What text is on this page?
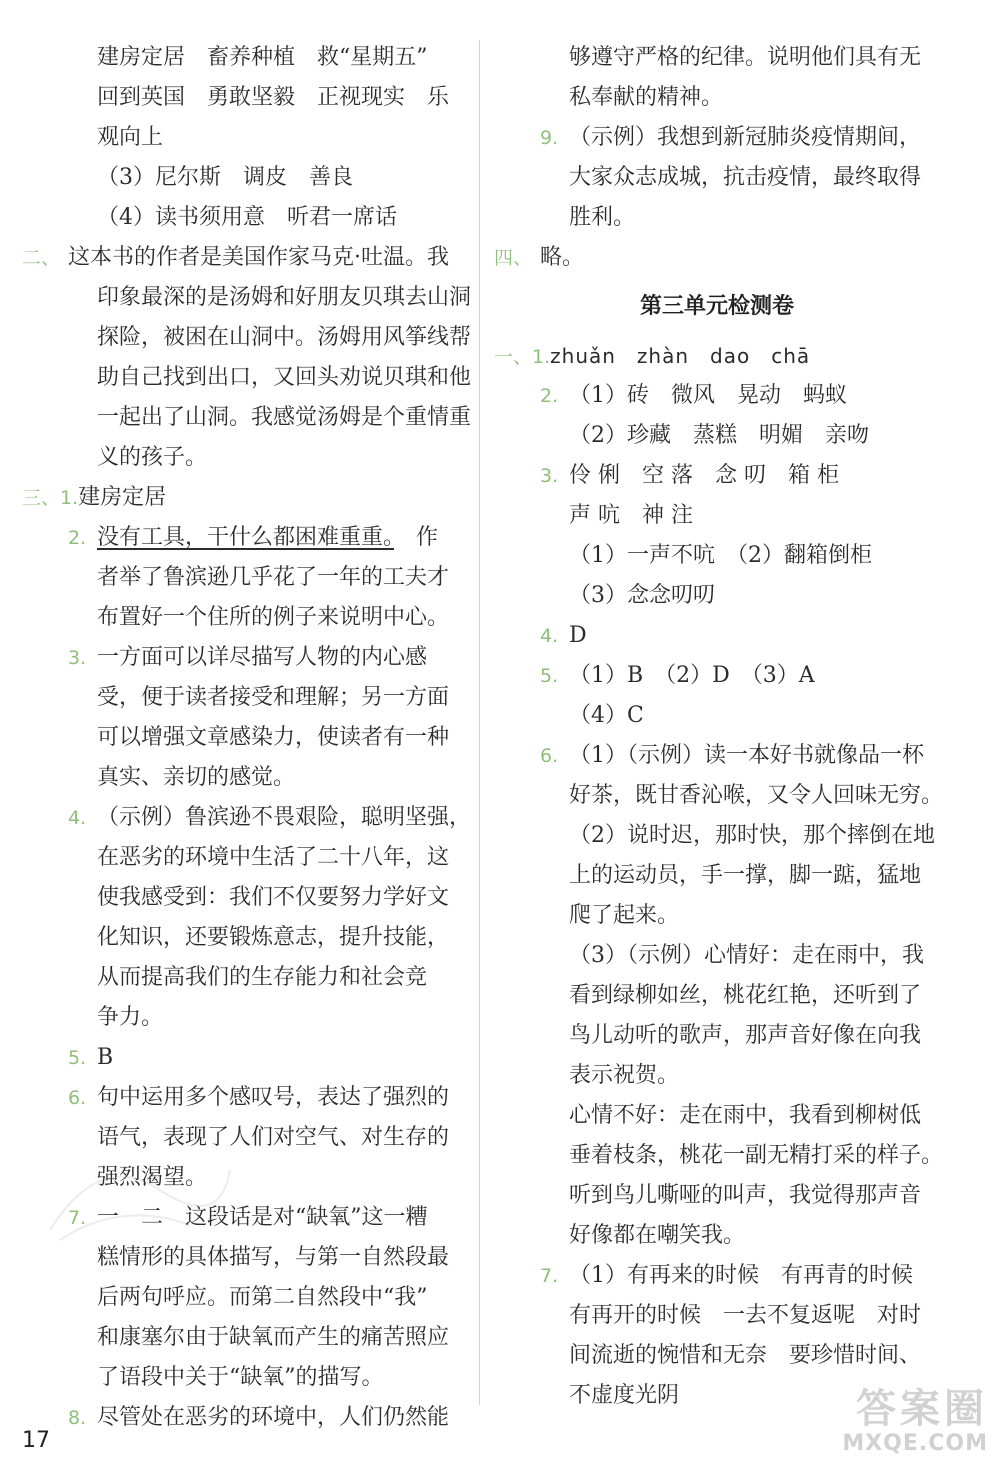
建房定居　畜养种植　救“星期五”
回到英国　勇敢坚毅　正视现实　乐
观向上
（3）尼尔斯　调皮　善良
（4）读书须用意　听君一席话
二、 这本书的作者是美国作家马克·吐温。我
印象最深的是汤姆和好朋友贝琪去山洞
探险，被困在山洞中。汤姆用风筝线帮
助自己找到出口，又回头劝说贝琪和他
一起出了山洞。我感觉汤姆是个重情重
义的孩子。
三、1.建房定居
2. 没有工具，干什么都困难重重。　作
者举了鲁滨逊几乎花了一年的工夫才
布置好一个住所的例子来说明中心。
3. 一方面可以详尽描写人物的内心感
受，便于读者接受和理解；另一方面
可以增强文章感染力，使读者有一种
真实、亲切的感觉。
4. （示例）鲁滨逊不畏艰险，聪明坚强，
在恶劣的环境中生活了二十八年，这
使我感受到：我们不仅要努力学好文
化知识，还要锻炼意志，提升技能，
从而提高我们的生存能力和社会竞
争力。
5. B
6. 句中运用多个感叹号，表达了强烈的
语气，表现了人们对空气、对生存的
强烈渴望。
7. 一　二　这段话是对“缺氧”这一糟
糕情形的具体描写，与第一自然段最
后两句呼应。而第二自然段中“我”
和康塞尔由于缺氧而产生的痛苦照应
了语段中关于“缺氧”的描写。
8. 尽管处在恶劣的环境中，人们仍然能
够遵守严格的纪律。说明他们具有无
私奉献的精神。
9. （示例）我想到新冠肺炎疫情期间，
大家众志成城，抗击疫情，最终取得
胜利。
四、 略。
第三单元检测卷
一、1.zhuǎn　zhàn　dao　chā
2. （1）砖　微风　晃动　蚂蚁
（2）珍藏　蒸糕　明媚　亲吻
3. 伶 俐　空 落　念 叨　箱 柜
声 吭　神 注
（1）一声不吭　（2）翻箱倒柜
（3）念念叨叨
4. D
5. （1）B　（2）D　（3）A
（4）C
6. （1）（示例）读一本好书就像品一杯
好茶，既甘香沁喉，又令人回味无穷。
（2）说时迟，那时快，那个摔倒在地
上的运动员，手一撑，脚一踮，猛地
爬了起来。
（3）（示例）心情好：走在雨中，我
看到绿柳如丝，桃花红艳，还听到了
鸟儿动听的歌声，那声音好像在向我
表示祝贺。
心情不好：走在雨中，我看到柳树低
垂着枝条，桃花一副无精打采的样子。
听到鸟儿嘶哑的叫声，我觉得那声音
好像都在嘲笑我。
7. （1）有再来的时候　有再青的时候
有再开的时候　一去不复返呢　对时
间流逝的惋惜和无奈　要珍惜时间、
不虚度光阴
17
答案圈
MXQE.COM
